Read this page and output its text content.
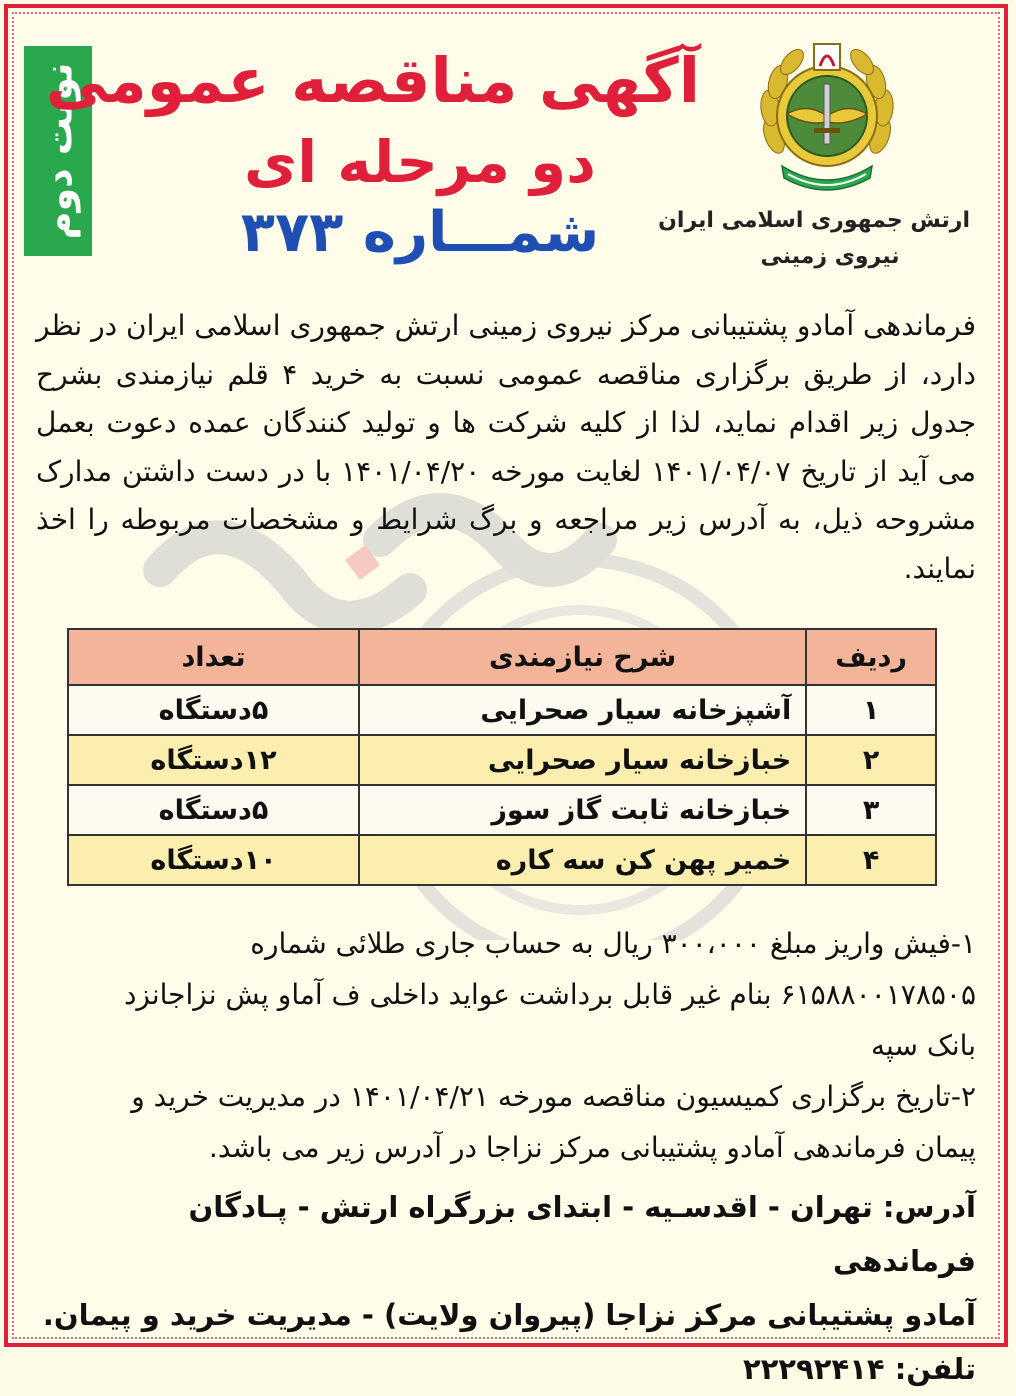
نوبت دوم	ارتش جمهوری اسلامی ایران
نیروی زمینی
آگهی مناقصه عمومی
دو مرحله ای
شمـــاره ۳۷۳
فرماندهی آمادو پشتیبانی مرکز نیروی زمینی ارتش جمهوری اسلامی ایران در نظر دارد، از طریق برگزاری مناقصه عمومی نسبت به خرید ۴ قلم نیازمندی بشرح جدول زیر اقدام نماید، لذا از کلیه شرکت ها و تولید کنندگان عمده دعوت بعمل می آید از تاریخ ۱۴۰۱/۰۴/۰۷ لغایت مورخه ۱۴۰۱/۰۴/۲۰ با در دست داشتن مدارک مشروحه ذیل، به آدرس زیر مراجعه و برگ شرایط و مشخصات مربوطه را اخذ نمایند.
ردیف	شرح نیازمندی	تعداد
۱	آشپزخانه سیار صحرایی	۵دستگاه
۲	خبازخانه سیار صحرایی	۱۲دستگاه
۳	خبازخانه ثابت گاز سوز	۵دستگاه
۴	خمیر پهن کن سه کاره	۱۰دستگاه

۱-فیش واریز مبلغ ۳۰۰،۰۰۰ ریال به حساب جاری طلائی شماره

۶۱۵۸۸۰۰۱۷۸۵۰۵ بنام غیر قابل برداشت عواید داخلی ف آماو پش نزاجانزد

بانک سپه

۲-تاریخ برگزاری کمیسیون مناقصه مورخه ۱۴۰۱/۰۴/۲۱ در مدیریت خرید و

پیمان فرماندهی آمادو پشتیبانی مرکز نزاجا در آدرس زیر می باشد.

آدرس: تهران - اقدسـیه - ابتدای بزرگراه ارتش - پـادگان فرماندهی

آمادو پشتیبانی مرکز نزاجا (پیروان ولایت) - مدیریت خرید و پیمان.

تلفن: ۲۲۲۹۲۴۱۴
